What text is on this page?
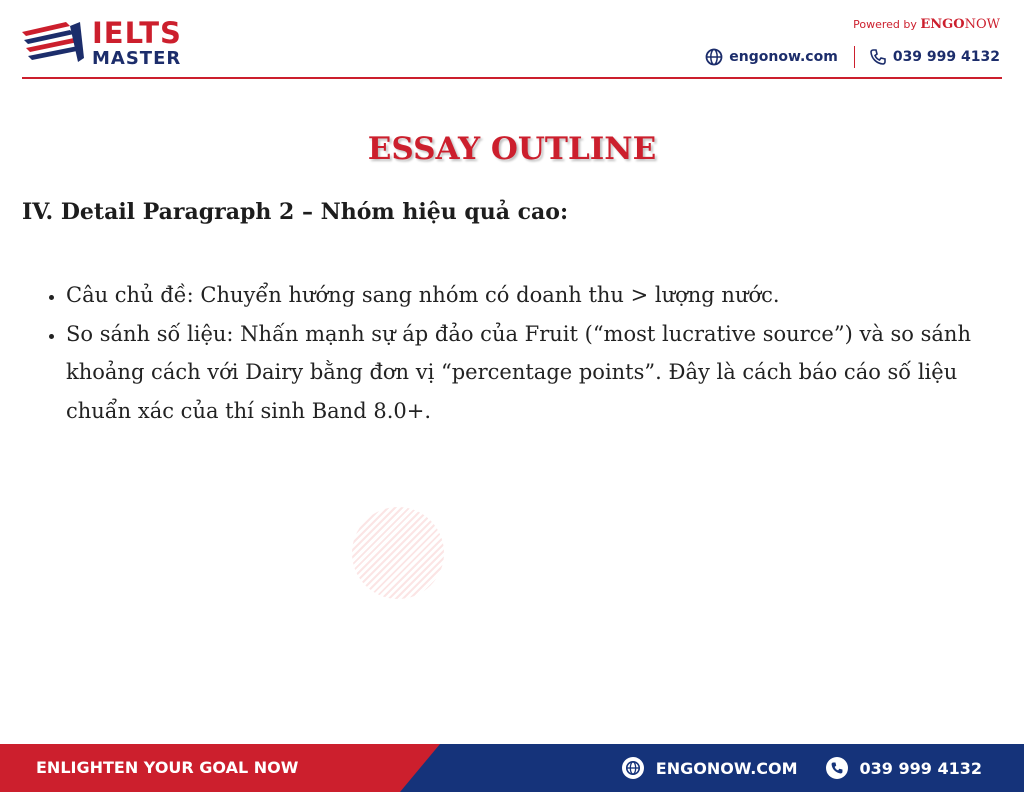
IELTS
MASTER
Powered by ENGONOW
engonow.com	039 999 4132
ESSAY OUTLINE
IV. Detail Paragraph 2 – Nhóm hiệu quả cao:
• Câu chủ đề: Chuyển hướng sang nhóm có doanh thu > lượng nước.
• So sánh số liệu: Nhấn mạnh sự áp đảo của Fruit (“most lucrative source”) và so sánh khoảng cách với Dairy bằng đơn vị “percentage points”. Đây là cách báo cáo số liệu chuẩn xác của thí sinh Band 8.0+.
ENLIGHTEN YOUR GOAL NOW	ENGONOW.COM	039 999 4132
